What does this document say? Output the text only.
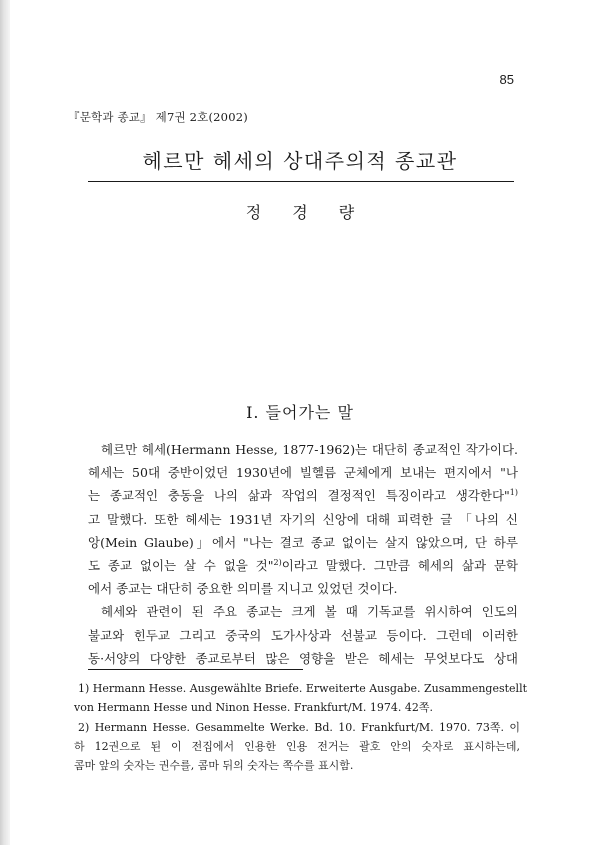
85
『문학과 종교』 제7권 2호(2002)
헤르만 헤세의 상대주의적 종교관
정 경 량
Ⅰ. 들어가는 말
헤르만 헤세(Hermann Hesse, 1877-1962)는 대단히 종교적인 작가이다.
헤세는 50대 중반이었던 1930년에 빌헬름 군체에게 보내는 편지에서 "나
는 종교적인 충동을 나의 삶과 작업의 결정적인 특징이라고 생각한다"$^{1)}$
고 말했다. 또한 헤세는 1931년 자기의 신앙에 대해 피력한 글 「나의 신
앙(Mein Glaube)」에서 "나는 결코 종교 없이는 살지 않았으며, 단 하루
도 종교 없이는 살 수 없을 것"$^{2)}$이라고 말했다. 그만큼 헤세의 삶과 문학
에서 종교는 대단히 중요한 의미를 지니고 있었던 것이다.
헤세와 관련이 된 주요 종교는 크게 볼 때 기독교를 위시하여 인도의
불교와 힌두교 그리고 중국의 도가사상과 선불교 등이다. 그런데 이러한
동·서양의 다양한 종교로부터 많은 영향을 받은 헤세는 무엇보다도 상대
1) Hermann Hesse. Ausgewählte Briefe. Erweiterte Ausgabe. Zusammengestellt
von Hermann Hesse und Ninon Hesse. Frankfurt/M. 1974. 42쪽.
2) Hermann Hesse. Gesammelte Werke. Bd. 10. Frankfurt/M. 1970. 73쪽. 이
하 12권으로 된 이 전집에서 인용한 인용 전거는 괄호 안의 숫자로 표시하는데,
콤마 앞의 숫자는 권수를, 콤마 뒤의 숫자는 쪽수를 표시함.
